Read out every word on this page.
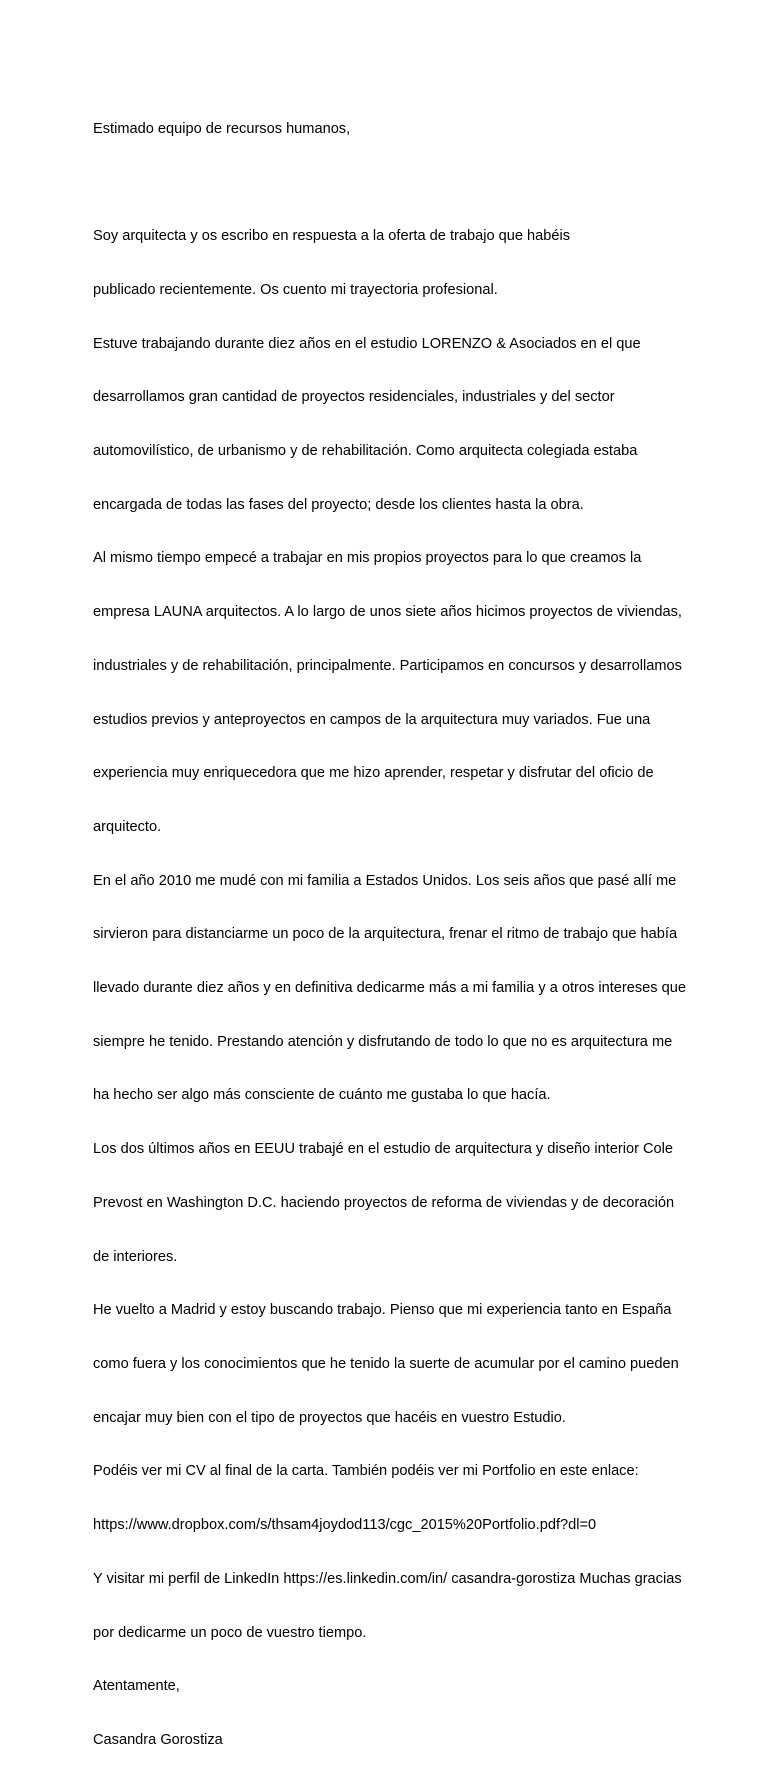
Estimado equipo de recursos humanos,

Soy arquitecta y os escribo en respuesta a la oferta de trabajo que habéis

publicado recientemente. Os cuento mi trayectoria profesional.

Estuve trabajando durante diez años en el estudio LORENZO & Asociados en el que

desarrollamos gran cantidad de proyectos residenciales, industriales y del sector

automovilístico, de urbanismo y de rehabilitación. Como arquitecta colegiada estaba

encargada de todas las fases del proyecto; desde los clientes hasta la obra.

Al mismo tiempo empecé a trabajar en mis propios proyectos para lo que creamos la

empresa LAUNA arquitectos. A lo largo de unos siete años hicimos proyectos de viviendas,

industriales y de rehabilitación, principalmente. Participamos en concursos y desarrollamos

estudios previos y anteproyectos en campos de la arquitectura muy variados. Fue una

experiencia muy enriquecedora que me hizo aprender, respetar y disfrutar del oficio de

arquitecto.

En el año 2010 me mudé con mi familia a Estados Unidos. Los seis años que pasé allí me

sirvieron para distanciarme un poco de la arquitectura, frenar el ritmo de trabajo que había

llevado durante diez años y en definitiva dedicarme más a mi familia y a otros intereses que

siempre he tenido. Prestando atención y disfrutando de todo lo que no es arquitectura me

ha hecho ser algo más consciente de cuánto me gustaba lo que hacía.

Los dos últimos años en EEUU trabajé en el estudio de arquitectura y diseño interior Cole

Prevost en Washington D.C. haciendo proyectos de reforma de viviendas y de decoración

de interiores.

He vuelto a Madrid y estoy buscando trabajo. Pienso que mi experiencia tanto en España

como fuera y los conocimientos que he tenido la suerte de acumular por el camino pueden

encajar muy bien con el tipo de proyectos que hacéis en vuestro Estudio.

Podéis ver mi CV al final de la carta. También podéis ver mi Portfolio en este enlace:

https://www.dropbox.com/s/thsam4joydod113/cgc_2015%20Portfolio.pdf?dl=0

Y visitar mi perfil de LinkedIn https://es.linkedin.com/in/ casandra-gorostiza Muchas gracias

por dedicarme un poco de vuestro tiempo.

Atentamente,

Casandra Gorostiza
